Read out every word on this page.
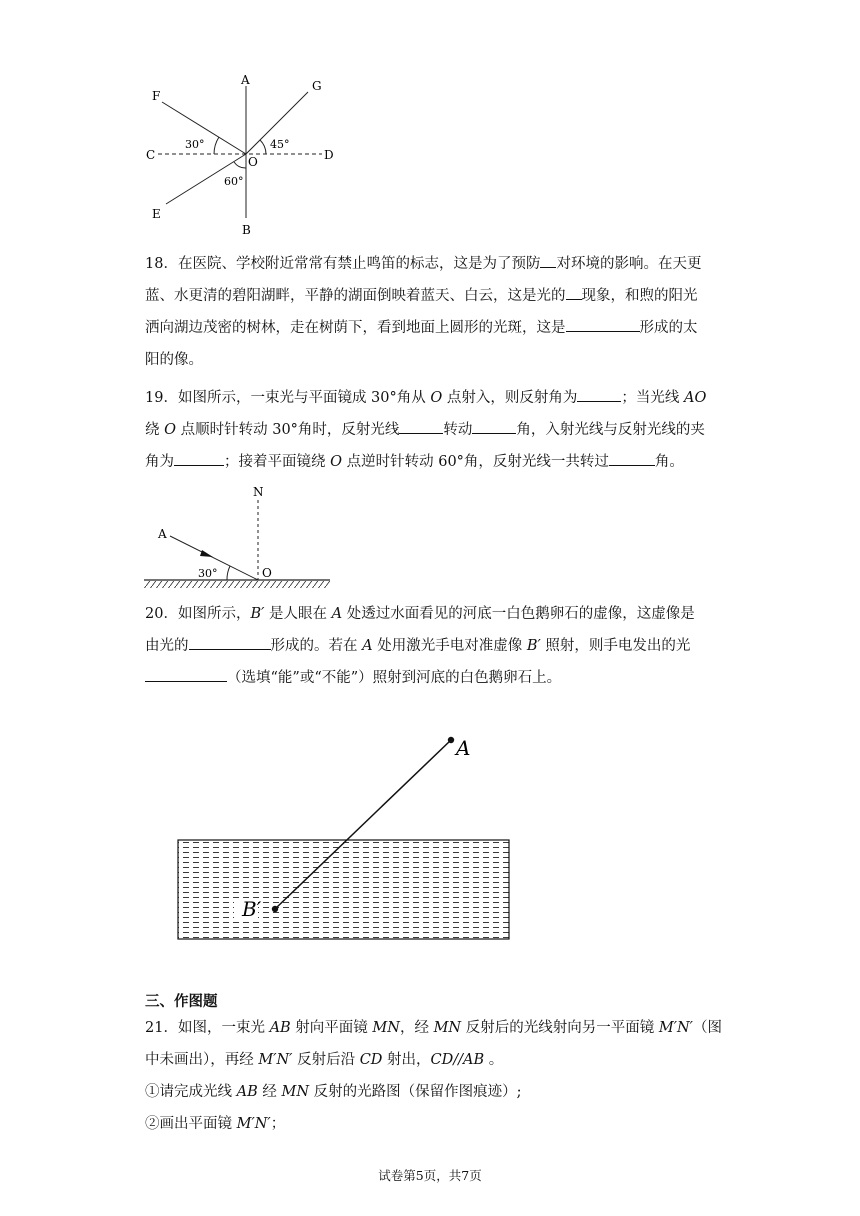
A	G
F
C	D
O
E
B
30°	45°
60°
18．在医院、学校附近常常有禁止鸣笛的标志，这是为了预防 对环境的影响。在天更
蓝、水更清的碧阳湖畔，平静的湖面倒映着蓝天、白云，这是光的 现象，和煦的阳光
洒向湖边茂密的树林，走在树荫下，看到地面上圆形的光斑，这是	形成的太
阳的像。
19．如图所示，一束光与平面镜成 30°角从 O 点射入，则反射角为	；当光线 AO
绕 O 点顺时针转动 30°角时，反射光线	转动	角，入射光线与反射光线的夹
角为	；接着平面镜绕 O 点逆时针转动 60°角，反射光线一共转过	角。
N
A
O
30°
20．如图所示，B′ 是人眼在 A 处透过水面看见的河底一白色鹅卵石的虚像，这虚像是
由光的	形成的。若在 A 处用激光手电对准虚像 B′ 照射，则手电发出的光
（选填“能”或“不能”）照射到河底的白色鹅卵石上。
A
B′
三、作图题
21．如图，一束光 AB 射向平面镜 MN，经 MN 反射后的光线射向另一平面镜 M′N′（图
中未画出），再经 M′N′ 反射后沿 CD 射出，CD//AB 。
①请完成光线 AB 经 MN 反射的光路图（保留作图痕迹）;
②画出平面镜 M′N′；
试卷第5页，共7页
